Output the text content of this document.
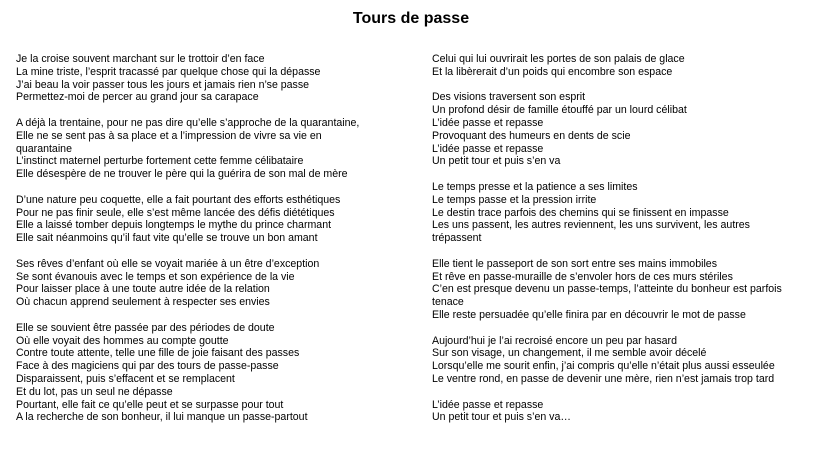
Tours de passe
Je la croise souvent marchant sur le trottoir d’en face
La mine triste, l’esprit tracassé par quelque chose qui la dépasse
J’ai beau la voir passer tous les jours et jamais rien n’se passe
Permettez-moi de percer au grand jour sa carapace
A déjà la trentaine, pour ne pas dire qu’elle s’approche de la quarantaine,
Elle ne se sent pas à sa place et a l’impression de vivre sa vie en
quarantaine
L’instinct maternel perturbe fortement cette femme célibataire
Elle désespère de ne trouver le père qui la guérira de son mal de mère
D’une nature peu coquette, elle a fait pourtant des efforts esthétiques
Pour ne pas finir seule, elle s’est même lancée des défis diététiques
Elle a laissé tomber depuis longtemps le mythe du prince charmant
Elle sait néanmoins qu’il faut vite qu’elle se trouve un bon amant
Ses rêves d’enfant où elle se voyait mariée à un être d’exception
Se sont évanouis avec le temps et son expérience de la vie
Pour laisser place à une toute autre idée de la relation
Où chacun apprend seulement à respecter ses envies
Elle se souvient être passée par des périodes de doute
Où elle voyait des hommes au compte goutte
Contre toute attente, telle une fille de joie faisant des passes
Face à des magiciens qui par des tours de passe-passe
Disparaissent, puis s’effacent et se remplacent
Et du lot, pas un seul ne dépasse
Pourtant, elle fait ce qu’elle peut et se surpasse pour tout
A la recherche de son bonheur, il lui manque un passe-partout
Celui qui lui ouvrirait les portes de son palais de glace
Et la libèrerait d’un poids qui encombre son espace
Des visions traversent son esprit
Un profond désir de famille étouffé par un lourd célibat
L’idée passe et repasse
Provoquant des humeurs en dents de scie
L’idée passe et repasse
Un petit tour et puis s’en va
Le temps presse et la patience a ses limites
Le temps passe et la pression irrite
Le destin trace parfois des chemins qui se finissent en impasse
Les uns passent, les autres reviennent, les uns survivent, les autres
trépassent
Elle tient le passeport de son sort entre ses mains immobiles
Et rêve en passe-muraille de s’envoler hors de ces murs stériles
C’en est presque devenu un passe-temps, l’atteinte du bonheur est parfois
tenace
Elle reste persuadée qu’elle finira par en découvrir le mot de passe
Aujourd’hui je l’ai recroisé encore un peu par hasard
Sur son visage, un changement, il me semble avoir décelé
Lorsqu’elle me sourit enfin, j’ai compris qu’elle n’était plus aussi esseulée
Le ventre rond, en passe de devenir une mère, rien n’est jamais trop tard
L’idée passe et repasse
Un petit tour et puis s’en va…
